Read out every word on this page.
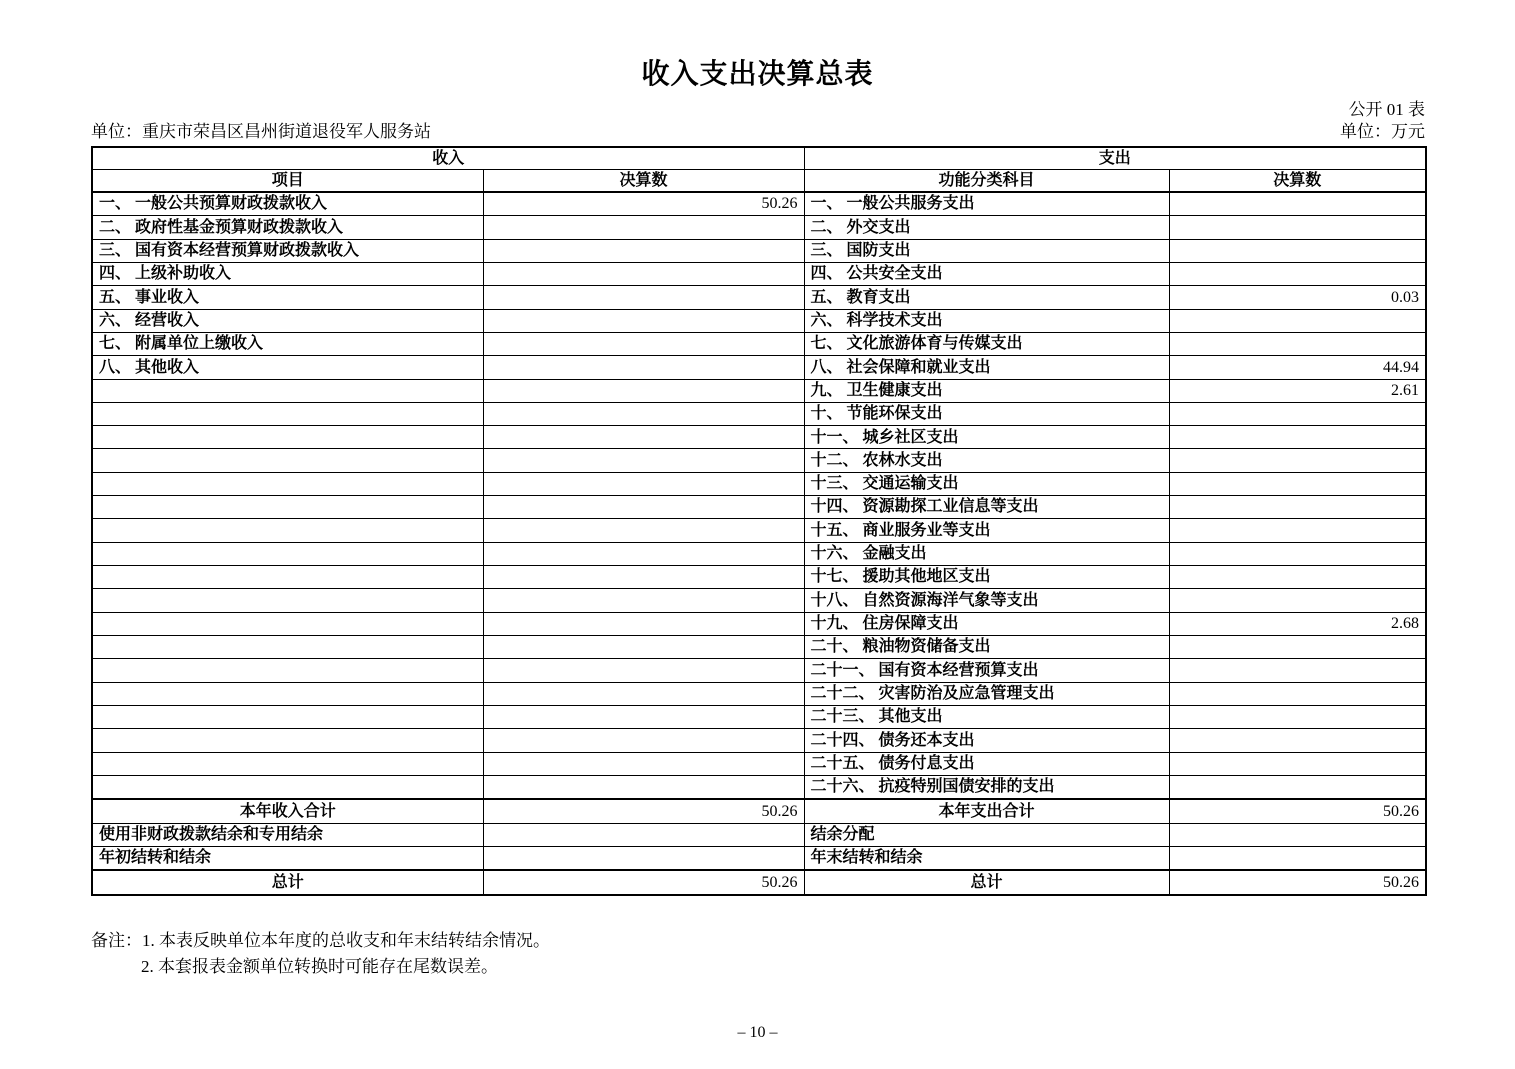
收入支出决算总表
公开 01 表
单位：重庆市荣昌区昌州街道退役军人服务站	单位：万元
收入		支出	
项目	决算数	功能分类科目	决算数
一、 一般公共预算财政拨款收入	50.26	一、 一般公共服务支出	
二、 政府性基金预算财政拨款收入		二、 外交支出	
三、 国有资本经营预算财政拨款收入		三、 国防支出	
四、 上级补助收入		四、 公共安全支出	
五、 事业收入		五、 教育支出	0.03
六、 经营收入		六、 科学技术支出	
七、 附属单位上缴收入		七、 文化旅游体育与传媒支出	
八、 其他收入		八、 社会保障和就业支出	44.94
		九、 卫生健康支出	2.61
		十、 节能环保支出	
		十一、 城乡社区支出	
		十二、 农林水支出	
		十三、 交通运输支出	
		十四、 资源勘探工业信息等支出	
		十五、 商业服务业等支出	
		十六、 金融支出	
		十七、 援助其他地区支出	
		十八、 自然资源海洋气象等支出	
		十九、 住房保障支出	2.68
		二十、 粮油物资储备支出	
		二十一、 国有资本经营预算支出	
		二十二、 灾害防治及应急管理支出	
		二十三、 其他支出	
		二十四、 债务还本支出	
		二十五、 债务付息支出	
		二十六、 抗疫特别国债安排的支出	
本年收入合计	50.26	本年支出合计	50.26
使用非财政拨款结余和专用结余		结余分配	
年初结转和结余		年末结转和结余	
总计	50.26	总计	50.26
备注：1. 本表反映单位本年度的总收支和年末结转结余情况。
2. 本套报表金额单位转换时可能存在尾数误差。
– 10 –
